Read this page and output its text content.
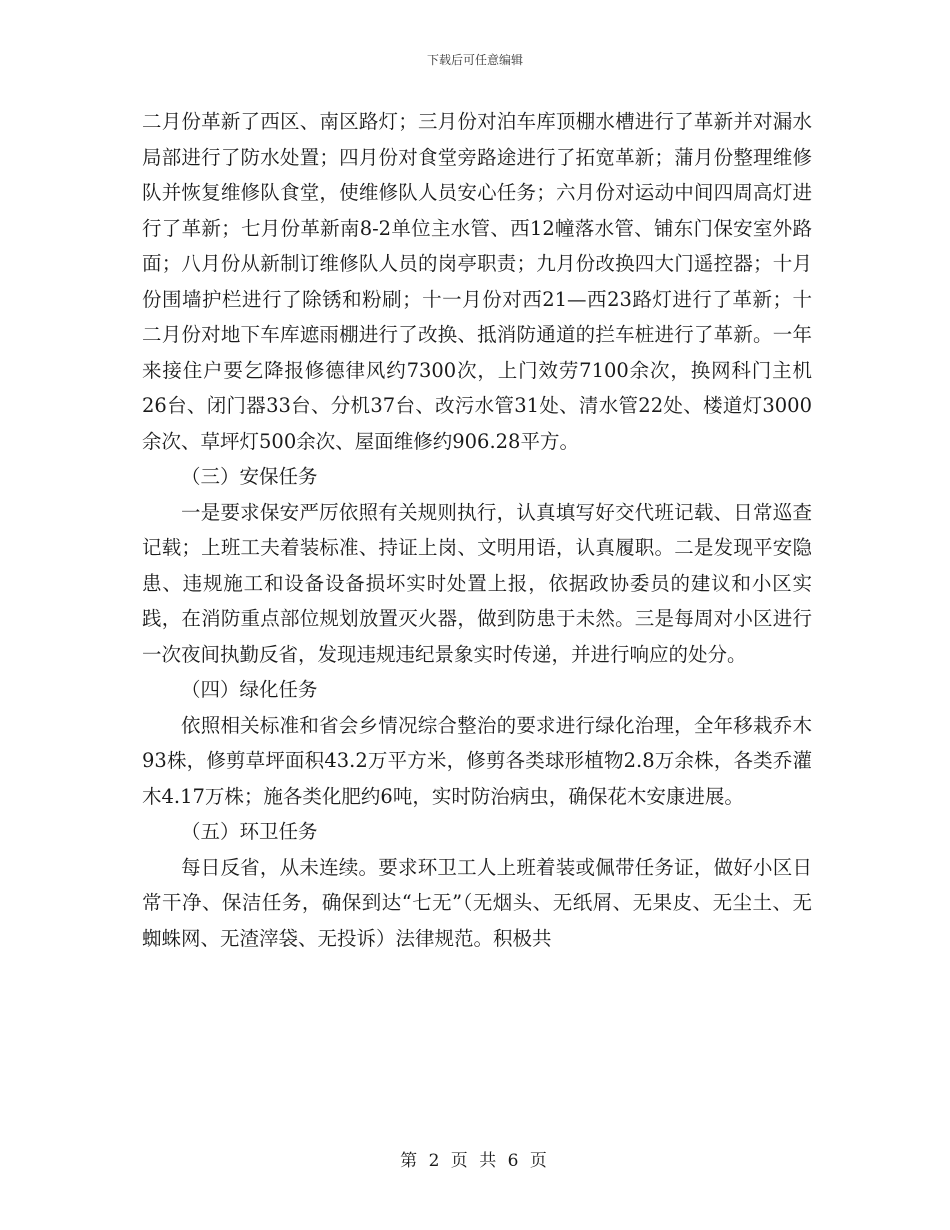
下载后可任意编辑

二月份革新了西区、南区路灯；三月份对泊车库顶棚水槽进行了革新并对漏水局部进行了防水处置；四月份对食堂旁路途进行了拓宽革新；蒲月份整理维修队并恢复维修队食堂，使维修队人员安心任务；六月份对运动中间四周高灯进行了革新；七月份革新南8-2单位主水管、西12幢落水管、铺东门保安室外路面；八月份从新制订维修队人员的岗亭职责；九月份改换四大门遥控器；十月份围墙护栏进行了除锈和粉刷；十一月份对西21—西23路灯进行了革新；十二月份对地下车库遮雨棚进行了改换、抵消防通道的拦车桩进行了革新。一年来接住户要乞降报修德律风约7300次，上门效劳7100余次，换网科门主机26台、闭门器33台、分机37台、改污水管31处、清水管22处、楼道灯3000余次、草坪灯500余次、屋面维修约906.28平方。

（三）安保任务

一是要求保安严厉依照有关规则执行，认真填写好交代班记载、日常巡查记载；上班工夫着装标准、持证上岗、文明用语，认真履职。二是发现平安隐患、违规施工和设备设备损坏实时处置上报，依据政协委员的建议和小区实践，在消防重点部位规划放置灭火器，做到防患于未然。三是每周对小区进行一次夜间执勤反省，发现违规违纪景象实时传递，并进行响应的处分。

（四）绿化任务

依照相关标准和省会乡情况综合整治的要求进行绿化治理，全年移栽乔木93株，修剪草坪面积43.2万平方米，修剪各类球形植物2.8万余株，各类乔灌木4.17万株；施各类化肥约6吨，实时防治病虫，确保花木安康进展。

（五）环卫任务

每日反省，从未连续。要求环卫工人上班着装或佩带任务证，做好小区日常干净、保洁任务，确保到达“七无”（无烟头、无纸屑、无果皮、无尘土、无蜘蛛网、无渣滓袋、无投诉）法律规范。积极共

第 2 页 共 6 页
